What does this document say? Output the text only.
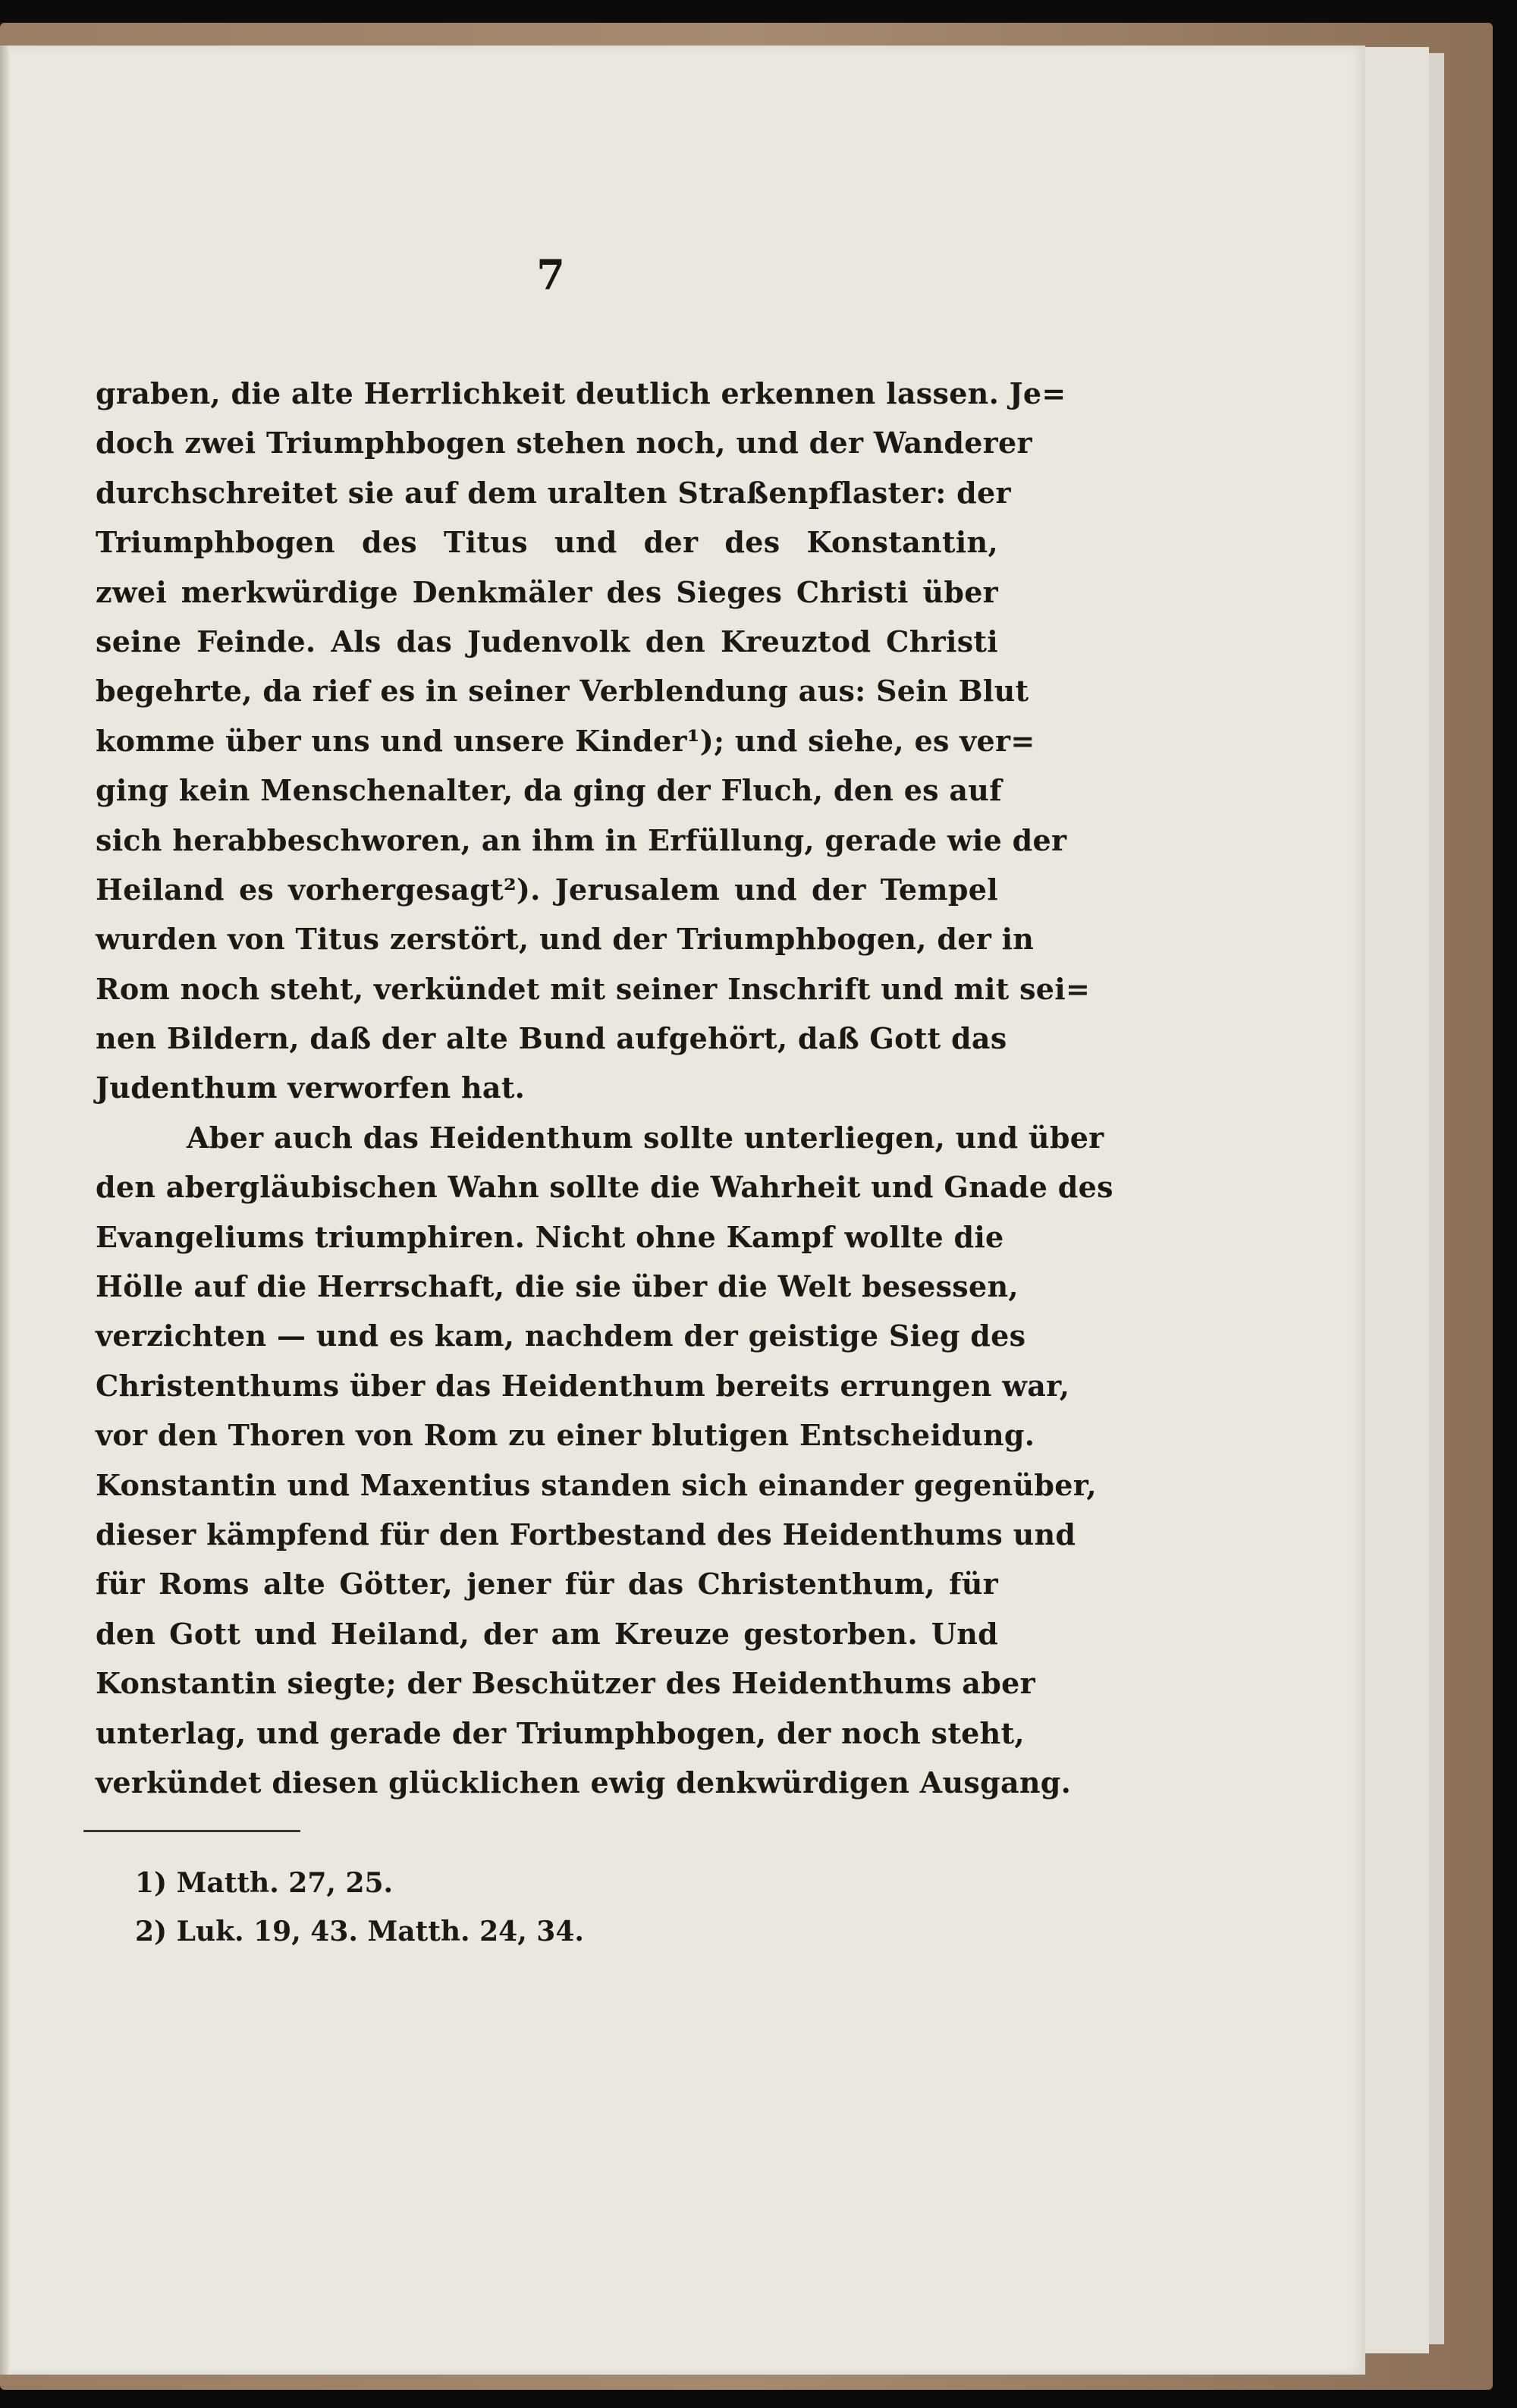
7
graben, die alte Herrlichkeit deutlich erkennen lassen. Je=
doch zwei Triumphbogen stehen noch, und der Wanderer
durchschreitet sie auf dem uralten Straßenpflaster: der
Triumphbogen des Titus und der des Konstantin,
zwei merkwürdige Denkmäler des Sieges Christi über
seine Feinde. Als das Judenvolk den Kreuztod Christi
begehrte, da rief es in seiner Verblendung aus: Sein Blut
komme über uns und unsere Kinder¹); und siehe, es ver=
ging kein Menschenalter, da ging der Fluch, den es auf
sich herabbeschworen, an ihm in Erfüllung, gerade wie der
Heiland es vorhergesagt²). Jerusalem und der Tempel
wurden von Titus zerstört, und der Triumphbogen, der in
Rom noch steht, verkündet mit seiner Inschrift und mit sei=
nen Bildern, daß der alte Bund aufgehört, daß Gott das
Judenthum verworfen hat.
Aber auch das Heidenthum sollte unterliegen, und über
den abergläubischen Wahn sollte die Wahrheit und Gnade des
Evangeliums triumphiren. Nicht ohne Kampf wollte die
Hölle auf die Herrschaft, die sie über die Welt besessen,
verzichten — und es kam, nachdem der geistige Sieg des
Christenthums über das Heidenthum bereits errungen war,
vor den Thoren von Rom zu einer blutigen Entscheidung.
Konstantin und Maxentius standen sich einander gegenüber,
dieser kämpfend für den Fortbestand des Heidenthums und
für Roms alte Götter, jener für das Christenthum, für
den Gott und Heiland, der am Kreuze gestorben. Und
Konstantin siegte; der Beschützer des Heidenthums aber
unterlag, und gerade der Triumphbogen, der noch steht,
verkündet diesen glücklichen ewig denkwürdigen Ausgang.
1) Matth. 27, 25.
2) Luk. 19, 43. Matth. 24, 34.
